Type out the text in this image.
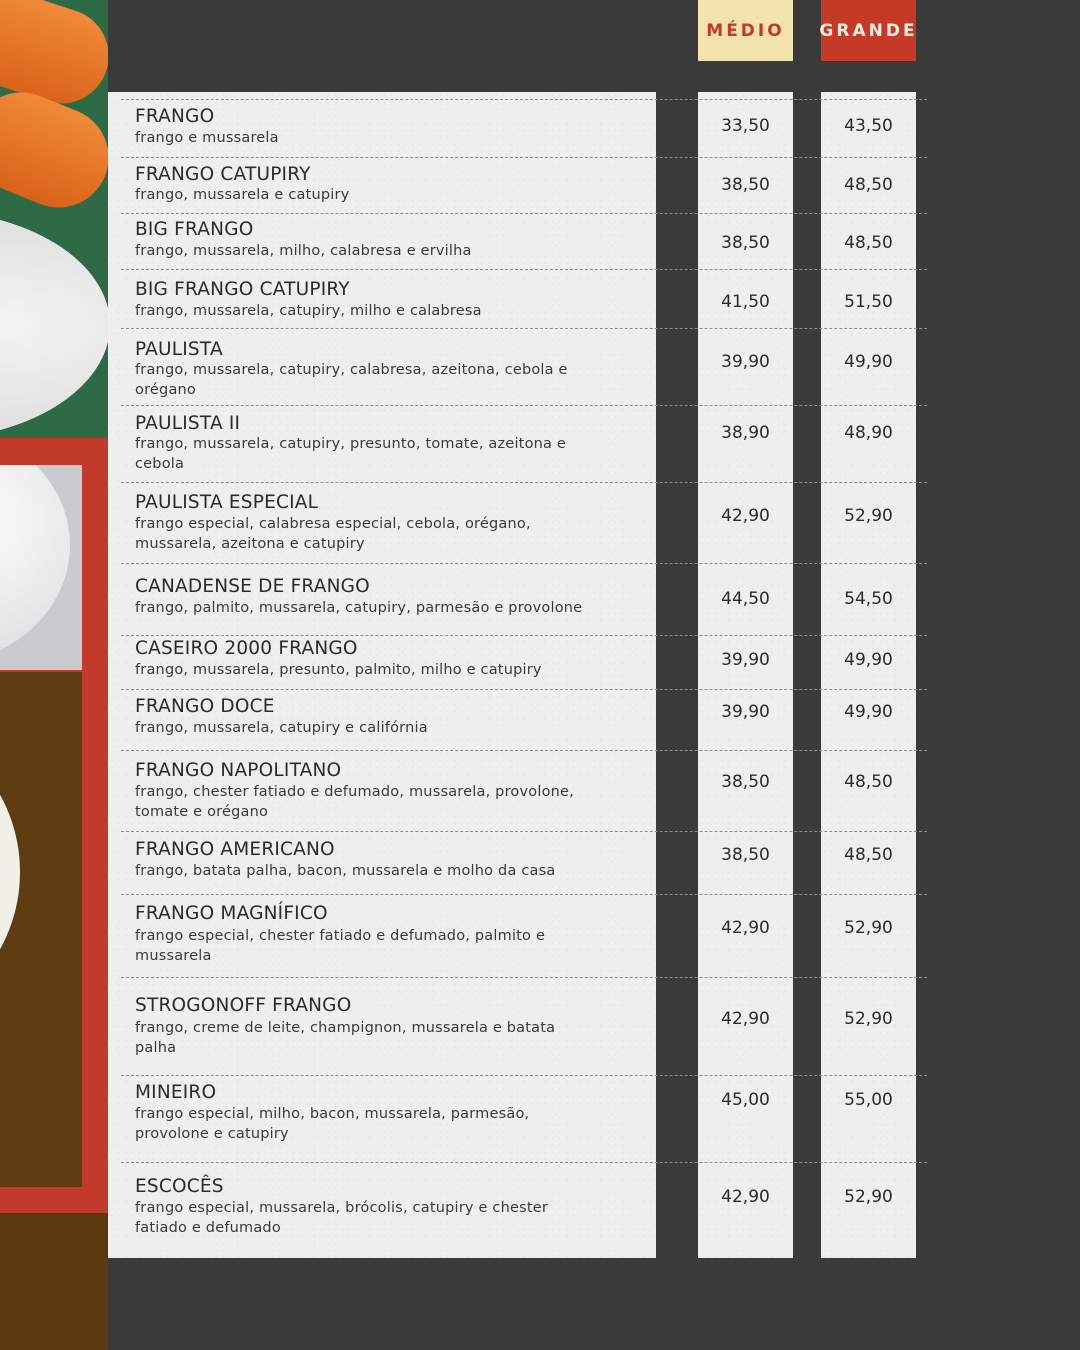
MÉDIO	GRANDE
FRANGO
frango e mussarela
33,50	43,50
FRANGO CATUPIRY
frango, mussarela e catupiry	38,50	48,50
BIG FRANGO
frango, mussarela, milho, calabresa e ervilha	38,50	48,50
BIG FRANGO CATUPIRY
frango, mussarela, catupiry, milho e calabresa	41,50	51,50
PAULISTA
frango, mussarela, catupiry, calabresa, azeitona, cebola e orégano
39,90	49,90
PAULISTA II
frango, mussarela, catupiry, presunto, tomate, azeitona e cebola
38,90	48,90
PAULISTA ESPECIAL
frango especial, calabresa especial, cebola, orégano, mussarela, azeitona e catupiry
42,90	52,90
CANADENSE DE FRANGO
frango, palmito, mussarela, catupiry, parmesão e provolone	44,50	54,50
CASEIRO 2000 FRANGO
frango, mussarela, presunto, palmito, milho e catupiry	39,90	49,90
FRANGO DOCE
frango, mussarela, catupiry e califórnia
39,90	49,90
FRANGO NAPOLITANO
frango, chester fatiado e defumado, mussarela, provolone, tomate e orégano
38,50	48,50
FRANGO AMERICANO
frango, batata palha, bacon, mussarela e molho da casa
38,50	48,50
FRANGO MAGNÍFICO
frango especial, chester fatiado e defumado, palmito e mussarela
42,90	52,90
STROGONOFF FRANGO
frango, creme de leite, champignon, mussarela e batata palha
42,90	52,90
MINEIRO
frango especial, milho, bacon, mussarela, parmesão, provolone e catupiry
45,00	55,00
ESCOCÊS
frango especial, mussarela, brócolis, catupiry e chester fatiado e defumado
42,90	52,90
